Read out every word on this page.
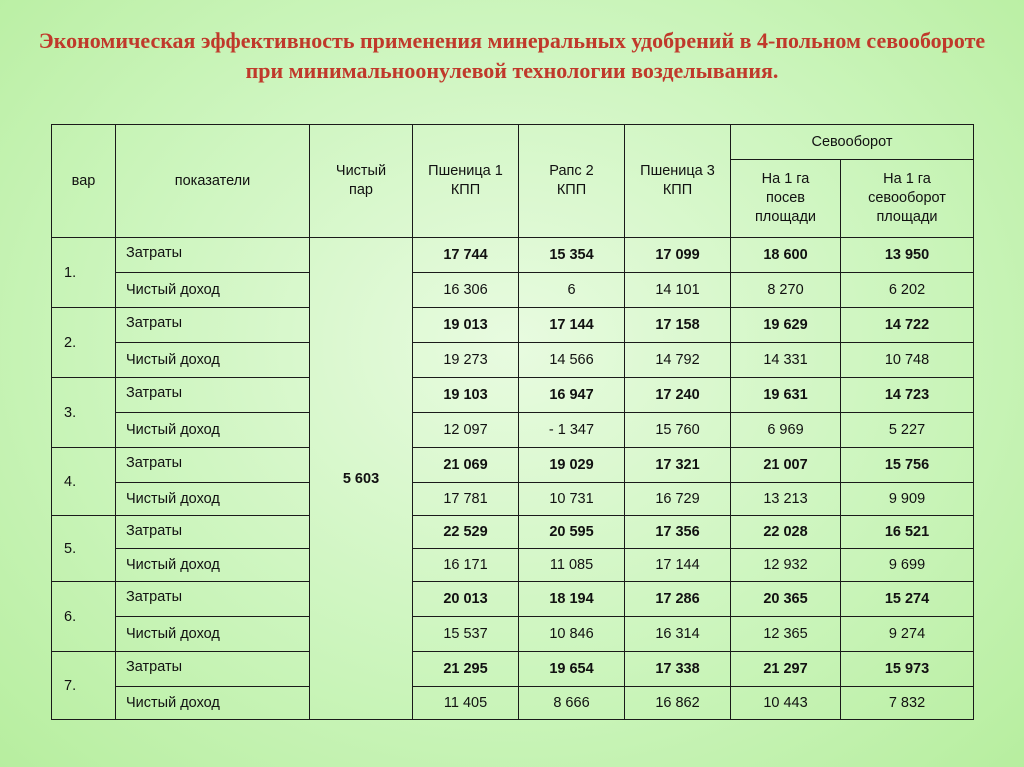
Экономическая эффективность применения минеральных удобрений в 4-польном севообороте при минимальноонулевой технологии возделывания.
вар	показатели	Чистый пар	Пшеница 1 КПП	Рапс 2 КПП	Пшеница 3 КПП	Севооборот	

						На 1 га посев площади	На 1 га севооборот площади

1.	Затраты	5 603	17 744	15 354	17 099	18 600	13 950
	Чистый доход		16 306	6	14 101	8 270	6 202
2.	Затраты		19 013	17 144	17 158	19 629	14 722
	Чистый доход		19 273	14 566	14 792	14 331	10 748
3.	Затраты		19 103	16 947	17 240	19 631	14 723
	Чистый доход		12 097	- 1 347	15 760	6 969	5 227
4.	Затраты		21 069	19 029	17 321	21 007	15 756
	Чистый доход		17 781	10 731	16 729	13 213	9 909
5.	Затраты		22 529	20 595	17 356	22 028	16 521
	Чистый доход		16 171	11 085	17 144	12 932	9 699
6.	Затраты		20 013	18 194	17 286	20 365	15 274
	Чистый доход		15 537	10 846	16 314	12 365	9 274
7.	Затраты		21 295	19 654	17 338	21 297	15 973
	Чистый доход		11 405	8 666	16 862	10 443	7 832
